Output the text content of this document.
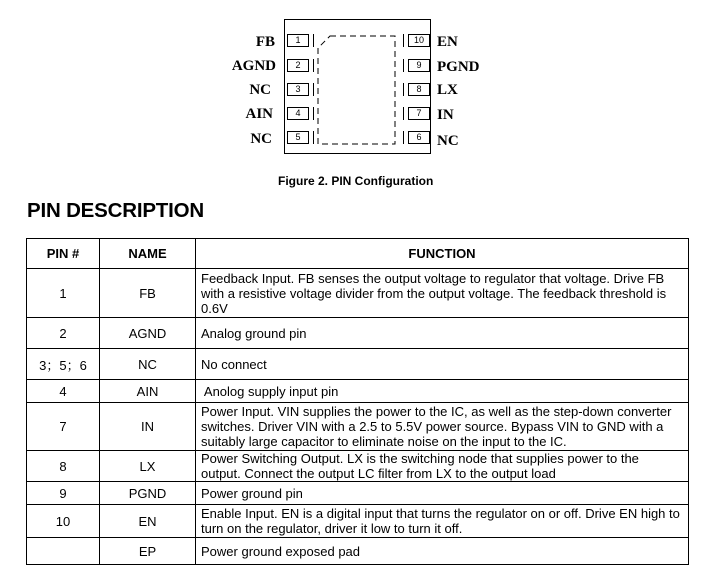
FB
AGND
NC
AIN
NC
1
2
3
4
5
10
9
8
7
6
EN
PGND
LX
IN
NC
Figure 2. PIN Configuration
PIN DESCRIPTION
PIN #	NAME	FUNCTION
1	FB	Feedback Input. FB senses the output voltage to regulator that voltage. Drive FB with a resistive voltage divider from the output voltage. The feedback threshold is 0.6V
2	AGND	Analog ground pin
3；5；6	NC	No connect
4	AIN	Anolog supply input pin
7	IN	Power Input. VIN supplies the power to the IC, as well as the step-down converter switches. Driver VIN with a 2.5 to 5.5V power source. Bypass VIN to GND with a suitably large capacitor to eliminate noise on the input to the IC.
8	LX	Power Switching Output. LX is the switching node that supplies power to the output. Connect the output LC filter from LX to the output load
9	PGND	Power ground pin
10	EN	Enable Input. EN is a digital input that turns the regulator on or off. Drive EN high to turn on the regulator, driver it low to turn it off.
	EP	Power ground exposed pad
